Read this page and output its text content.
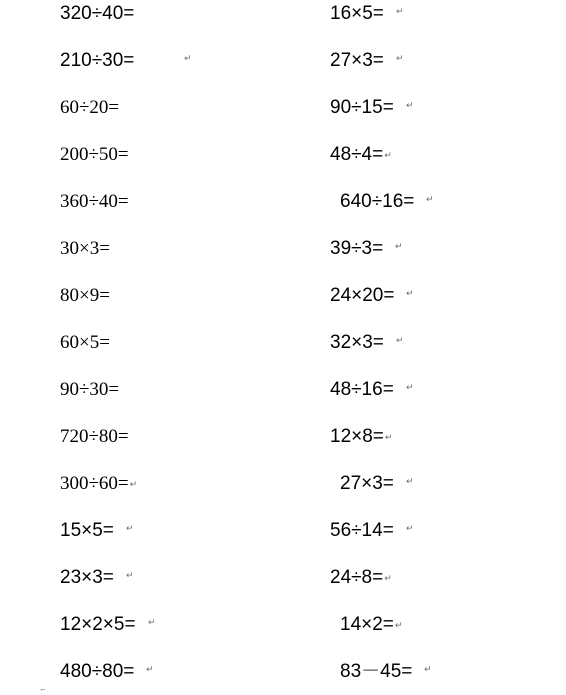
320÷40=	16×5= ↵
210÷30=	↵	27×3= ↵
60÷20=	90÷15= ↵
200÷50=	48÷4=↵
360÷40=	640÷16= ↵
30×3=	39÷3= ↵
80×9=	24×20= ↵
60×5=	32×3= ↵
90÷30=	48÷16= ↵
720÷80=	12×8=↵
300÷60=↵	27×3= ↵
15×5= ↵	56÷14= ↵
23×3= ↵	24÷8=↵
12×2×5= ↵	14×2=↵
480÷80= ↵	83－45= ↵
⌐
